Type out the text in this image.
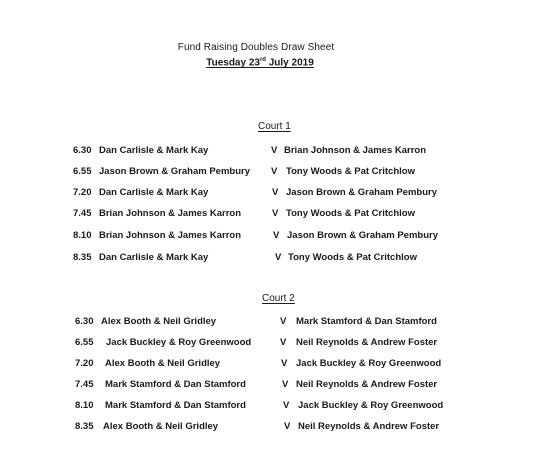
Fund Raising Doubles Draw Sheet
Tuesday 23rd July 2019
Court 1
6.30 Dan Carlisle & Mark Kay	V Brian Johnson & James Karron
6.55 Jason Brown & Graham Pembury V Tony Woods & Pat Critchlow
7.20 Dan Carlisle & Mark Kay	V Jason Brown & Graham Pembury
7.45 Brian Johnson & James Karron	V Tony Woods & Pat Critchlow
8.10 Brian Johnson & James Karron	V Jason Brown & Graham Pembury
8.35 Dan Carlisle & Mark Kay	V Tony Woods & Pat Critchlow
Court 2
6.30 Alex Booth & Neil Gridley	V Mark Stamford & Dan Stamford
6.55 Jack Buckley & Roy Greenwood	V Neil Reynolds & Andrew Foster
7.20 Alex Booth & Neil Gridley	V Jack Buckley & Roy Greenwood
7.45 Mark Stamford & Dan Stamford	V Neil Reynolds & Andrew Foster
8.10 Mark Stamford & Dan Stamford	V Jack Buckley & Roy Greenwood
8.35 Alex Booth & Neil Gridley	V Neil Reynolds & Andrew Foster
